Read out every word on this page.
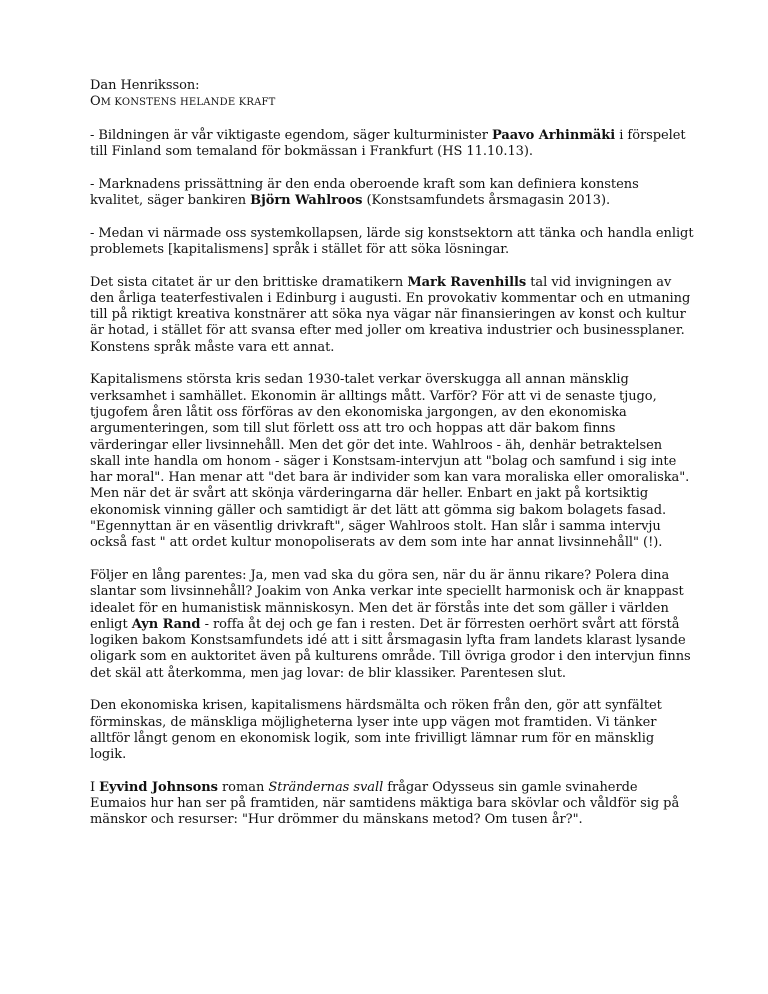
Dan Henriksson:

OM KONSTENS HELANDE KRAFT

- Bildningen är vår viktigaste egendom, säger kulturminister Paavo Arhinmäki i förspelet till Finland som temaland för bokmässan i Frankfurt (HS 11.10.13).

- Marknadens prissättning är den enda oberoende kraft som kan definiera konstens kvalitet, säger bankiren Björn Wahlroos (Konstsamfundets årsmagasin 2013).

- Medan vi närmade oss systemkollapsen, lärde sig konstsektorn att tänka och handla enligt problemets [kapitalismens] språk i stället för att söka lösningar.

Det sista citatet är ur den brittiske dramatikern Mark Ravenhills tal vid invigningen av den årliga teaterfestivalen i Edinburg i augusti. En provokativ kommentar och en utmaning till på riktigt kreativa konstnärer att söka nya vägar när finansieringen av konst och kultur är hotad, i stället för att svansa efter med joller om kreativa industrier och businessplaner. Konstens språk måste vara ett annat.

Kapitalismens största kris sedan 1930-talet verkar överskugga all annan mänsklig verksamhet i samhället. Ekonomin är alltings mått. Varför? För att vi de senaste tjugo, tjugofem åren låtit oss förföras av den ekonomiska jargongen, av den ekonomiska argumenteringen, som till slut förlett oss att tro och hoppas att där bakom finns värderingar eller livsinnehåll. Men det gör det inte. Wahlroos - äh, denhär betraktelsen skall inte handla om honom - säger i Konstsam-intervjun att "bolag och samfund i sig inte har moral". Han menar att "det bara är individer som kan vara moraliska eller omoraliska". Men när det är svårt att skönja värderingarna där heller. Enbart en jakt på kortsiktig ekonomisk vinning gäller och samtidigt är det lätt att gömma sig bakom bolagets fasad. "Egennyttan är en väsentlig drivkraft", säger Wahlroos stolt. Han slår i samma intervju också fast " att ordet kultur monopoliserats av dem som inte har annat livsinnehåll" (!).

Följer en lång parentes: Ja, men vad ska du göra sen, när du är ännu rikare? Polera dina slantar som livsinnehåll? Joakim von Anka verkar inte speciellt harmonisk och är knappast idealet för en humanistisk människosyn. Men det är förstås inte det som gäller i världen enligt Ayn Rand - roffa åt dej och ge fan i resten. Det är förresten oerhört svårt att förstå logiken bakom Konstsamfundets idé att i sitt årsmagasin lyfta fram landets klarast lysande oligark som en auktoritet även på kulturens område. Till övriga grodor i den intervjun finns det skäl att återkomma, men jag lovar: de blir klassiker. Parentesen slut.

Den ekonomiska krisen, kapitalismens härdsmälta och röken från den, gör att synfältet förminskas, de mänskliga möjligheterna lyser inte upp vägen mot framtiden. Vi tänker alltför långt genom en ekonomisk logik, som inte frivilligt lämnar rum för en mänsklig logik.

I Eyvind Johnsons roman Strändernas svall frågar Odysseus sin gamle svinaherde Eumaios hur han ser på framtiden, när samtidens mäktiga bara skövlar och våldför sig på mänskor och resurser: "Hur drömmer du mänskans metod? Om tusen år?".
